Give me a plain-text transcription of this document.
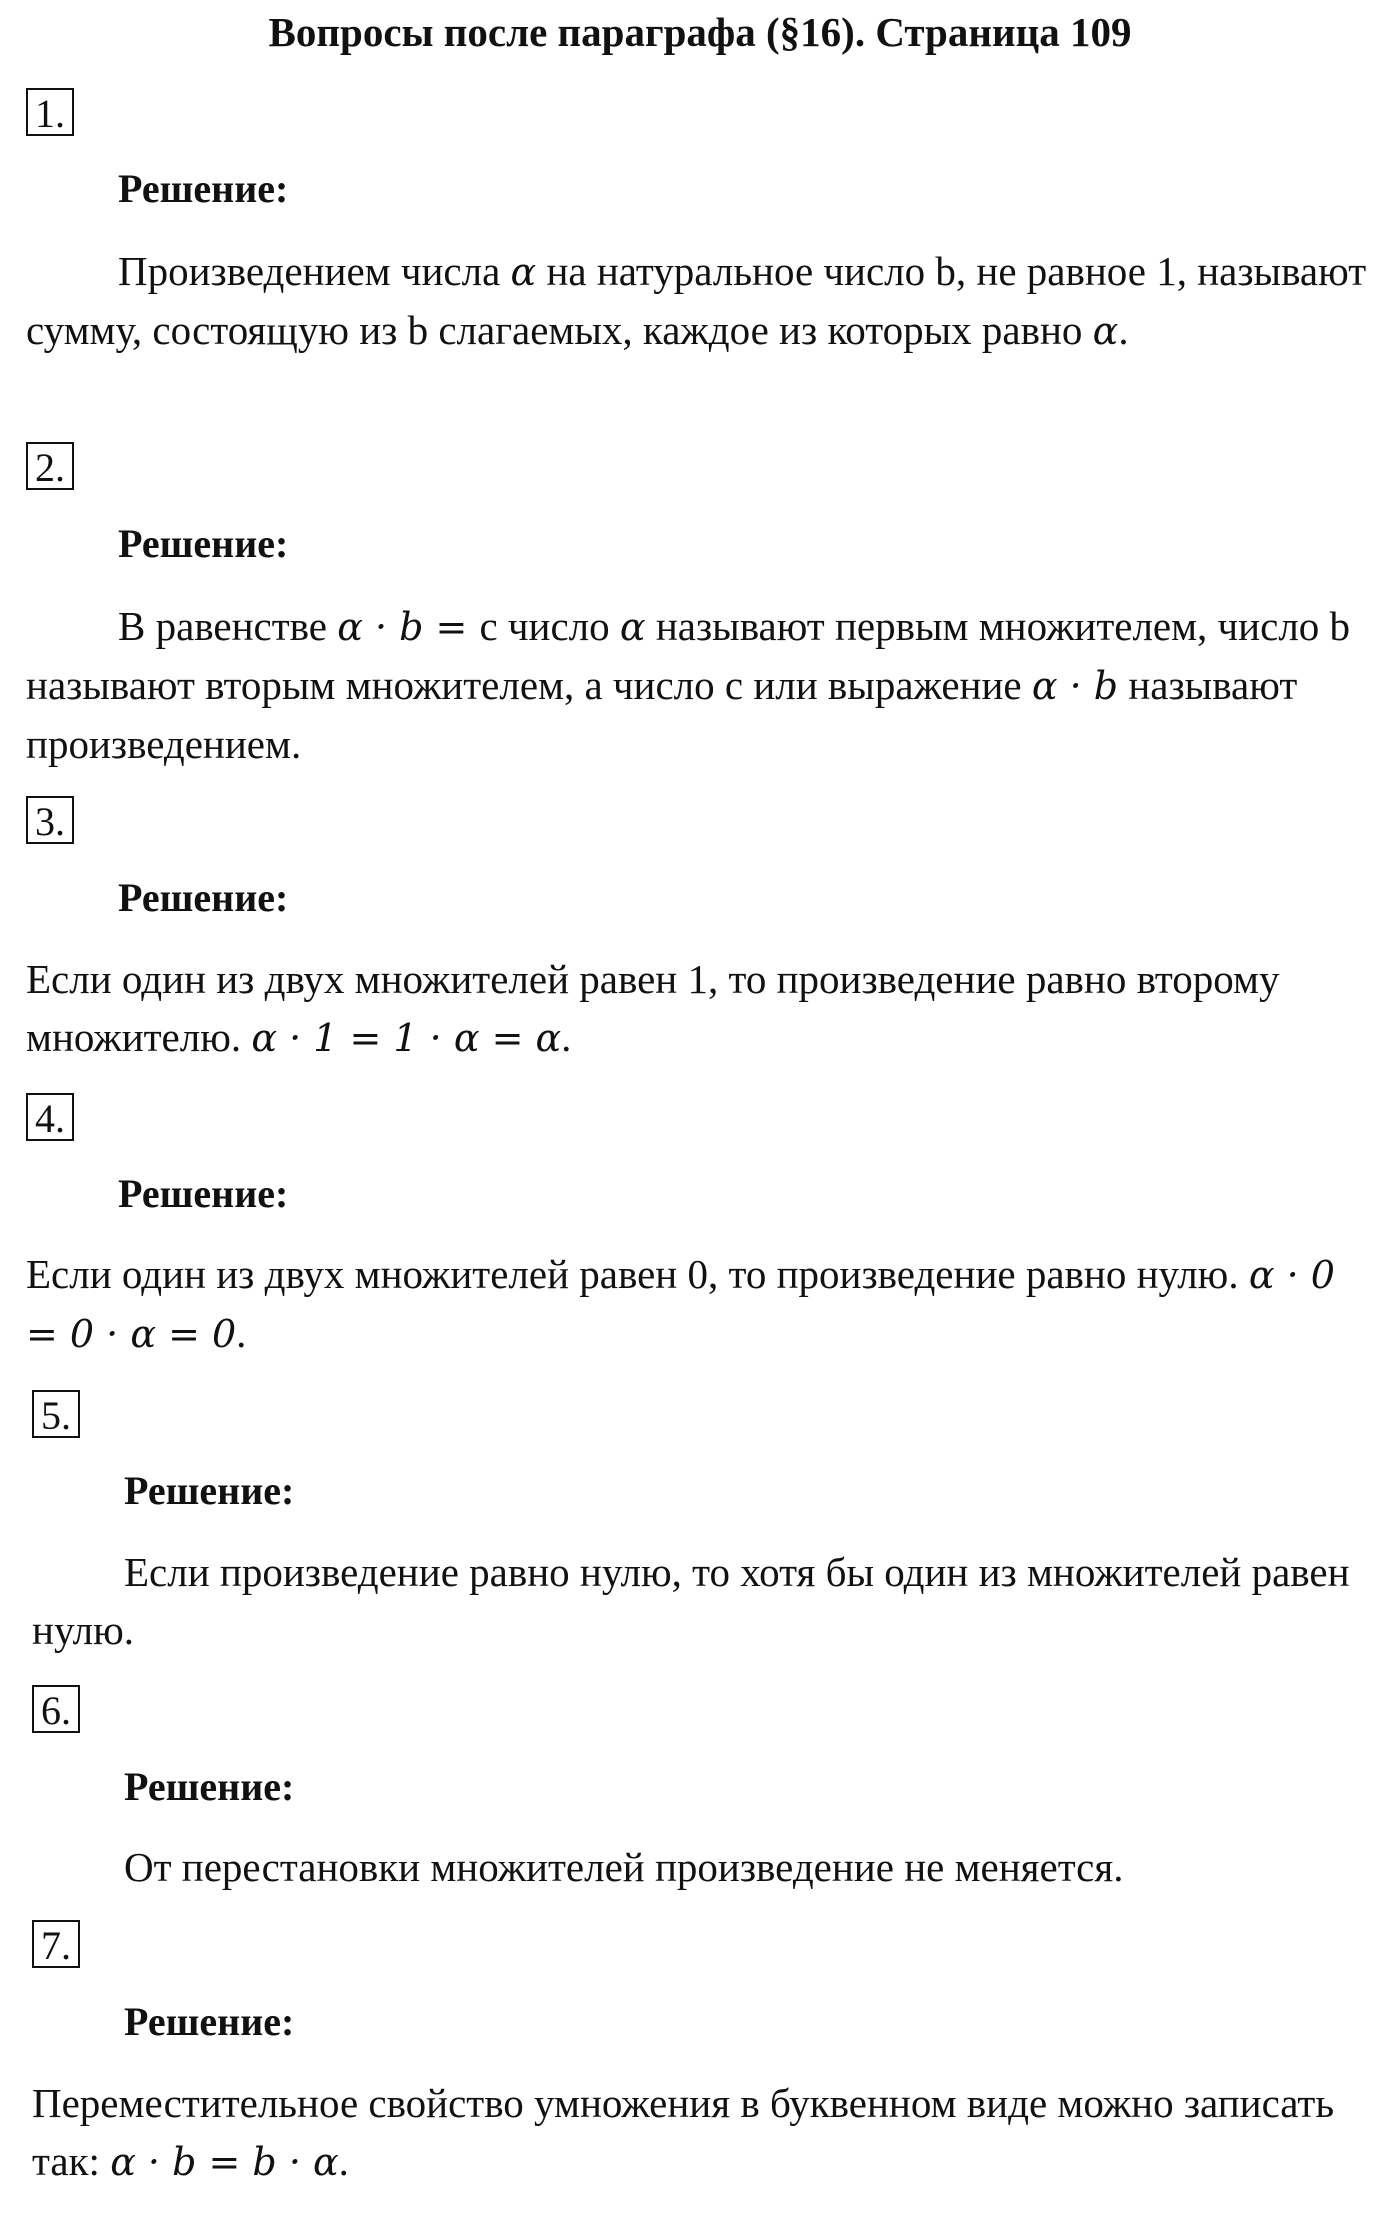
Вопросы после параграфа (§16). Страница 109
1.
Решение:

Произведением числа α на натуральное число b, не равное 1, называют сумму, состоящую из b слагаемых, каждое из которых равно α.

2.
Решение:

В равенстве α · b = с число α называют первым множителем, число b называют вторым множителем, а число с или выражение α · b называют произведением.

3.
Решение:

Если один из двух множителей равен 1, то произведение равно второму множителю. α · 1 = 1 · α = α.

4.
Решение:

Если один из двух множителей равен 0, то произведение равно нулю. α · 0 = 0 · α = 0.

5.
Решение:

Если произведение равно нулю, то хотя бы один из множителей равен нулю.

6.
Решение:

От перестановки множителей произведение не меняется.

7.
Решение:

Переместительное свойство умножения в буквенном виде можно записать так: α · b = b · α.
